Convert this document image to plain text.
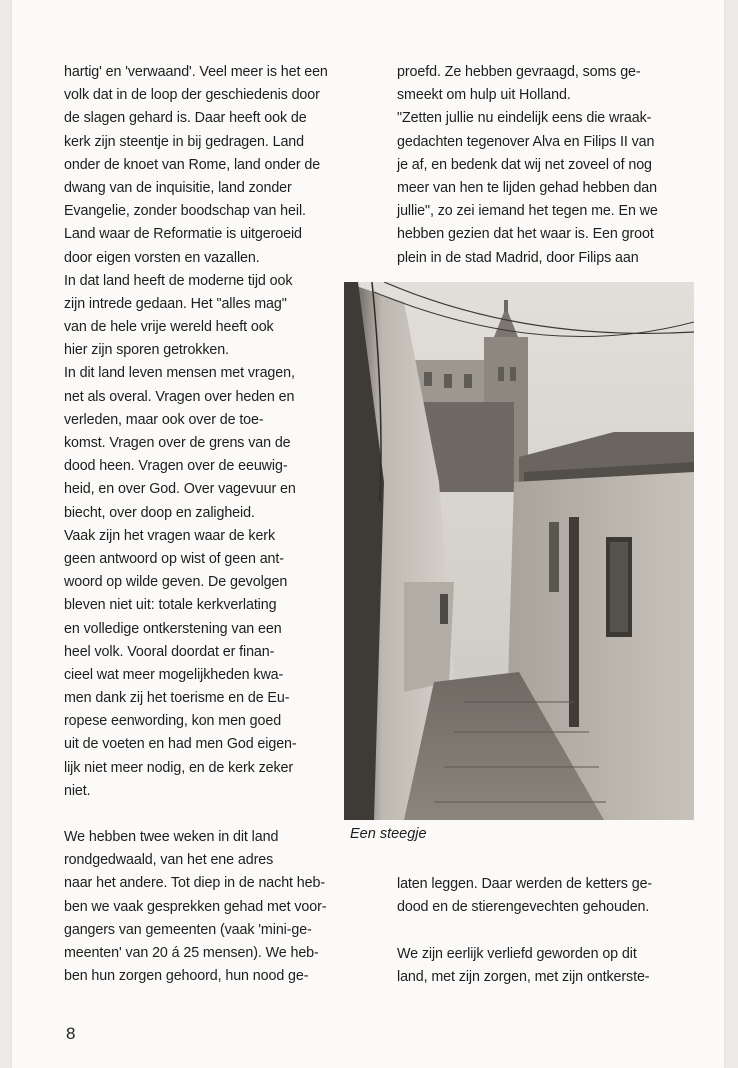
hartig' en 'verwaand'. Veel meer is het een
volk dat in de loop der geschiedenis door
de slagen gehard is. Daar heeft ook de
kerk zijn steentje in bij gedragen. Land
onder de knoet van Rome, land onder de
dwang van de inquisitie, land zonder
Evangelie, zonder boodschap van heil.
Land waar de Reformatie is uitgeroeid
door eigen vorsten en vazallen.
In dat land heeft de moderne tijd ook
zijn intrede gedaan. Het "alles mag"
van de hele vrije wereld heeft ook
hier zijn sporen getrokken.
In dit land leven mensen met vragen,
net als overal. Vragen over heden en
verleden, maar ook over de toe-
komst. Vragen over de grens van de
dood heen. Vragen over de eeuwig-
heid, en over God. Over vagevuur en
biecht, over doop en zaligheid.
Vaak zijn het vragen waar de kerk
geen antwoord op wist of geen ant-
woord op wilde geven. De gevolgen
bleven niet uit: totale kerkverlating
en volledige ontkerstening van een
heel volk. Vooral doordat er finan-
cieel wat meer mogelijkheden kwa-
men dank zij het toerisme en de Eu-
ropese eenwording, kon men goed
uit de voeten en had men God eigen-
lijk niet meer nodig, en de kerk zeker
niet.
proefd. Ze hebben gevraagd, soms ge-
smeekt om hulp uit Holland.
"Zetten jullie nu eindelijk eens die wraak-
gedachten tegenover Alva en Filips II van
je af, en bedenk dat wij net zoveel of nog
meer van hen te lijden gehad hebben dan
jullie", zo zei iemand het tegen me. En we
hebben gezien dat het waar is. Een groot
plein in de stad Madrid, door Filips aan
Een steegje
We hebben twee weken in dit land
rondgedwaald, van het ene adres
naar het andere. Tot diep in de nacht heb-
ben we vaak gesprekken gehad met voor-
gangers van gemeenten (vaak 'mini-ge-
meenten' van 20 á 25 mensen). We heb-
ben hun zorgen gehoord, hun nood ge-
laten leggen. Daar werden de ketters ge-
dood en de stierengevechten gehouden.
We zijn eerlijk verliefd geworden op dit
land, met zijn zorgen, met zijn ontkerste-
8
